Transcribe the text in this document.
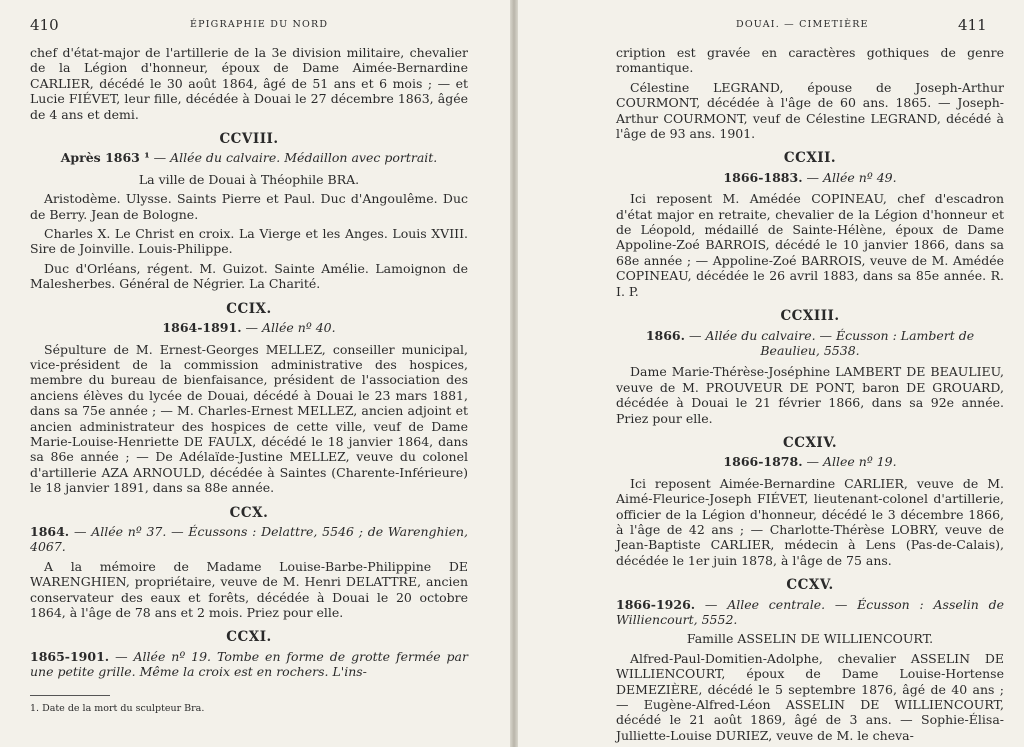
410	ÉPIGRAPHIE DU NORD

chef d'état-major de l'artillerie de la 3e division militaire, chevalier de la Légion d'honneur, époux de Dame Aimée-Bernardine CARLIER, décédé le 30 août 1864, âgé de 51 ans et 6 mois ; — et Lucie FIÉVET, leur fille, décédée à Douai le 27 décembre 1863, âgée de 4 ans et demi.

CCVIII.

Après 1863 ¹ — Allée du calvaire. Médaillon avec portrait.

La ville de Douai à Théophile BRA.

Aristodème. Ulysse. Saints Pierre et Paul. Duc d'Angoulême. Duc de Berry. Jean de Bologne.

Charles X. Le Christ en croix. La Vierge et les Anges. Louis XVIII. Sire de Joinville. Louis-Philippe.

Duc d'Orléans, régent. M. Guizot. Sainte Amélie. Lamoignon de Malesherbes. Général de Négrier. La Charité.

CCIX.

1864-1891. — Allée nº 40.

Sépulture de M. Ernest-Georges MELLEZ, conseiller municipal, vice-président de la commission administrative des hospices, membre du bureau de bienfaisance, président de l'association des anciens élèves du lycée de Douai, décédé à Douai le 23 mars 1881, dans sa 75e année ; — M. Charles-Ernest MELLEZ, ancien adjoint et ancien administrateur des hospices de cette ville, veuf de Dame Marie-Louise-Henriette DE FAULX, décédé le 18 janvier 1864, dans sa 86e année ; — De Adélaïde-Justine MELLEZ, veuve du colonel d'artillerie AZA ARNOULD, décédée à Saintes (Charente-Inférieure) le 18 janvier 1891, dans sa 88e année.

CCX.

1864. — Allée nº 37. — Écussons : Delattre, 5546 ; de Warenghien, 4067.

A la mémoire de Madame Louise-Barbe-Philippine DE WARENGHIEN, propriétaire, veuve de M. Henri DELATTRE, ancien conservateur des eaux et forêts, décédée à Douai le 20 octobre 1864, à l'âge de 78 ans et 2 mois. Priez pour elle.

CCXI.

1865-1901. — Allée nº 19. Tombe en forme de grotte fermée par une petite grille. Même la croix est en rochers. L'ins-

1. Date de la mort du sculpteur Bra.
DOUAI. — CIMETIÈRE	411

cription est gravée en caractères gothiques de genre romantique.

Célestine LEGRAND, épouse de Joseph-Arthur COURMONT, décédée à l'âge de 60 ans. 1865. — Joseph-Arthur COURMONT, veuf de Célestine LEGRAND, décédé à l'âge de 93 ans. 1901.

CCXII.

1866-1883. — Allée nº 49.

Ici reposent M. Amédée COPINEAU, chef d'escadron d'état major en retraite, chevalier de la Légion d'honneur et de Léopold, médaillé de Sainte-Hélène, époux de Dame Appoline-Zoé BARROIS, décédé le 10 janvier 1866, dans sa 68e année ; — Appoline-Zoé BARROIS, veuve de M. Amédée COPINEAU, décédée le 26 avril 1883, dans sa 85e année. R. I. P.

CCXIII.

1866. — Allée du calvaire. — Écusson : Lambert de Beaulieu, 5538.

Dame Marie-Thérèse-Joséphine LAMBERT DE BEAULIEU, veuve de M. PROUVEUR DE PONT, baron DE GROUARD, décédée à Douai le 21 février 1866, dans sa 92e année. Priez pour elle.

CCXIV.

1866-1878. — Allee nº 19.

Ici reposent Aimée-Bernardine CARLIER, veuve de M. Aimé-Fleurice-Joseph FIÉVET, lieutenant-colonel d'artillerie, officier de la Légion d'honneur, décédé le 3 décembre 1866, à l'âge de 42 ans ; — Charlotte-Thérèse LOBRY, veuve de Jean-Baptiste CARLIER, médecin à Lens (Pas-de-Calais), décédée le 1er juin 1878, à l'âge de 75 ans.

CCXV.

1866-1926. — Allee centrale. — Écusson : Asselin de Williencourt, 5552.

Famille ASSELIN DE WILLIENCOURT.

Alfred-Paul-Domitien-Adolphe, chevalier ASSELIN DE WILLIENCOURT, époux de Dame Louise-Hortense DEMEZIÈRE, décédé le 5 septembre 1876, âgé de 40 ans ; — Eugène-Alfred-Léon ASSELIN DE WILLIENCOURT, décédé le 21 août 1869, âgé de 3 ans. — Sophie-Élisa-Julliette-Louise DURIEZ, veuve de M. le cheva-
